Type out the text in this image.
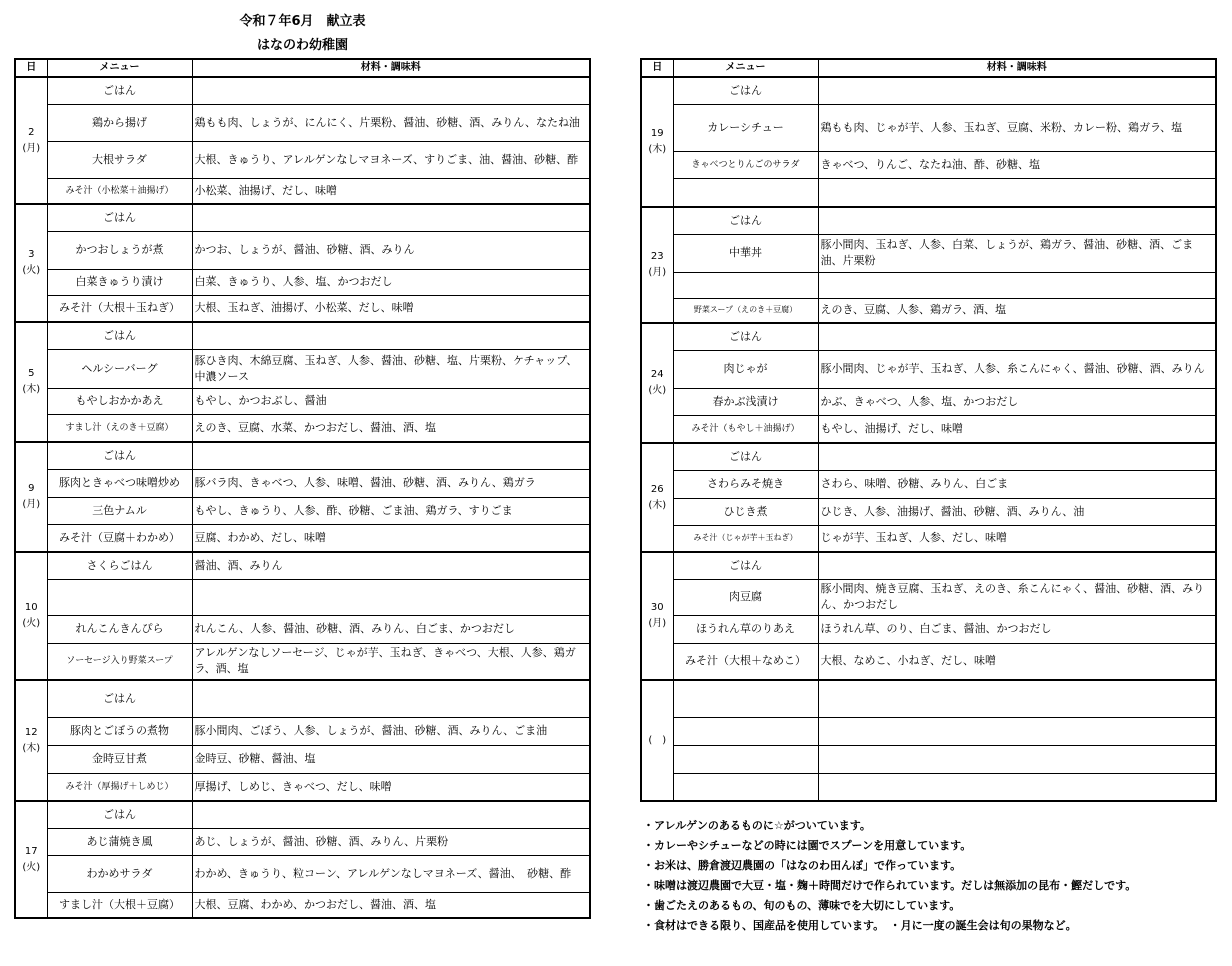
令和７年6月　献立表
はなのわ幼稚園
日	メニュー	材料・調味料

2
(月)	ごはん	
	鶏から揚げ	鶏もも肉、しょうが、にんにく、片栗粉、醤油、砂糖、酒、みりん、なたね油
	大根サラダ	大根、きゅうり、アレルゲンなしマヨネーズ、すりごま、油、醤油、砂糖、酢
	みそ汁（小松菜＋油揚げ）	小松菜、油揚げ、だし、味噌

3
(火)	ごはん	
	かつおしょうが煮	かつお、しょうが、醤油、砂糖、酒、みりん
	白菜きゅうり漬け	白菜、きゅうり、人参、塩、かつおだし
	みそ汁（大根＋玉ねぎ）	大根、玉ねぎ、油揚げ、小松菜、だし、味噌

5
(木)	ごはん	
	ヘルシーバーグ	豚ひき肉、木綿豆腐、玉ねぎ、人参、醤油、砂糖、塩、片栗粉、ケチャップ、中濃ソース
	もやしおかかあえ	もやし、かつおぶし、醤油
	すまし汁（えのき＋豆腐）	えのき、豆腐、水菜、かつおだし、醤油、酒、塩

9
(月)	ごはん	
	豚肉ときゃべつ味噌炒め	豚バラ肉、きゃべつ、人参、味噌、醤油、砂糖、酒、みりん、鶏ガラ
	三色ナムル	もやし、きゅうり、人参、酢、砂糖、ごま油、鶏ガラ、すりごま
	みそ汁（豆腐＋わかめ）	豆腐、わかめ、だし、味噌

10
(火)	さくらごはん	醤油、酒、みりん

	れんこんきんぴら	れんこん、人参、醤油、砂糖、酒、みりん、白ごま、かつおだし
	ソーセージ入り野菜スープ	アレルゲンなしソーセージ、じゃが芋、玉ねぎ、きゃべつ、大根、人参、鶏ガラ、酒、塩

12
(木)	ごはん	
	豚肉とごぼうの煮物	豚小間肉、ごぼう、人参、しょうが、醤油、砂糖、酒、みりん、ごま油
	金時豆甘煮	金時豆、砂糖、醤油、塩
	みそ汁（厚揚げ＋しめじ）	厚揚げ、しめじ、きゃべつ、だし、味噌

17
(火)	ごはん	
	あじ蒲焼き風	あじ、しょうが、醤油、砂糖、酒、みりん、片栗粉
	わかめサラダ	わかめ、きゅうり、粒コーン、アレルゲンなしマヨネーズ、醤油、　砂糖、酢
	すまし汁（大根＋豆腐）	大根、豆腐、わかめ、かつおだし、醤油、酒、塩
日	メニュー	材料・調味料

19
(木)	ごはん	
	カレーシチュー	鶏もも肉、じゃが芋、人参、玉ねぎ、豆腐、米粉、カレー粉、鶏ガラ、塩
	きゃべつとりんごのサラダ	きゃべつ、りんご、なたね油、酢、砂糖、塩

23
(月)	ごはん	
	中華丼	豚小間肉、玉ねぎ、人参、白菜、しょうが、鶏ガラ、醤油、砂糖、酒、ごま油、片栗粉

	野菜スープ（えのき＋豆腐）	えのき、豆腐、人参、鶏ガラ、酒、塩

24
(火)	ごはん	
	肉じゃが	豚小間肉、じゃが芋、玉ねぎ、人参、糸こんにゃく、醤油、砂糖、酒、みりん
	春かぶ浅漬け	かぶ、きゃべつ、人参、塩、かつおだし
	みそ汁（もやし＋油揚げ）	もやし、油揚げ、だし、味噌

26
(木)	ごはん	
	さわらみそ焼き	さわら、味噌、砂糖、みりん、白ごま
	ひじき煮	ひじき、人参、油揚げ、醤油、砂糖、酒、みりん、油
	みそ汁（じゃが芋＋玉ねぎ）	じゃが芋、玉ねぎ、人参、だし、味噌

30
(月)	ごはん	
	肉豆腐	豚小間肉、焼き豆腐、玉ねぎ、えのき、糸こんにゃく、醤油、砂糖、酒、みりん、かつおだし
	ほうれん草のりあえ	ほうれん草、のり、白ごま、醤油、かつおだし
	みそ汁（大根＋なめこ）	大根、なめこ、小ねぎ、だし、味噌

(　)		

・アレルゲンのあるものに☆がついています。
・カレーやシチューなどの時には園でスプーンを用意しています。
・お米は、勝倉渡辺農園の「はなのわ田んぼ」で作っています。
・味噌は渡辺農園で大豆・塩・麹＋時間だけで作られています。だしは無添加の昆布・鰹だしです。
・歯ごたえのあるもの、旬のもの、薄味でを大切にしています。
・食材はできる限り、国産品を使用しています。　・月に一度の誕生会は旬の果物など。
